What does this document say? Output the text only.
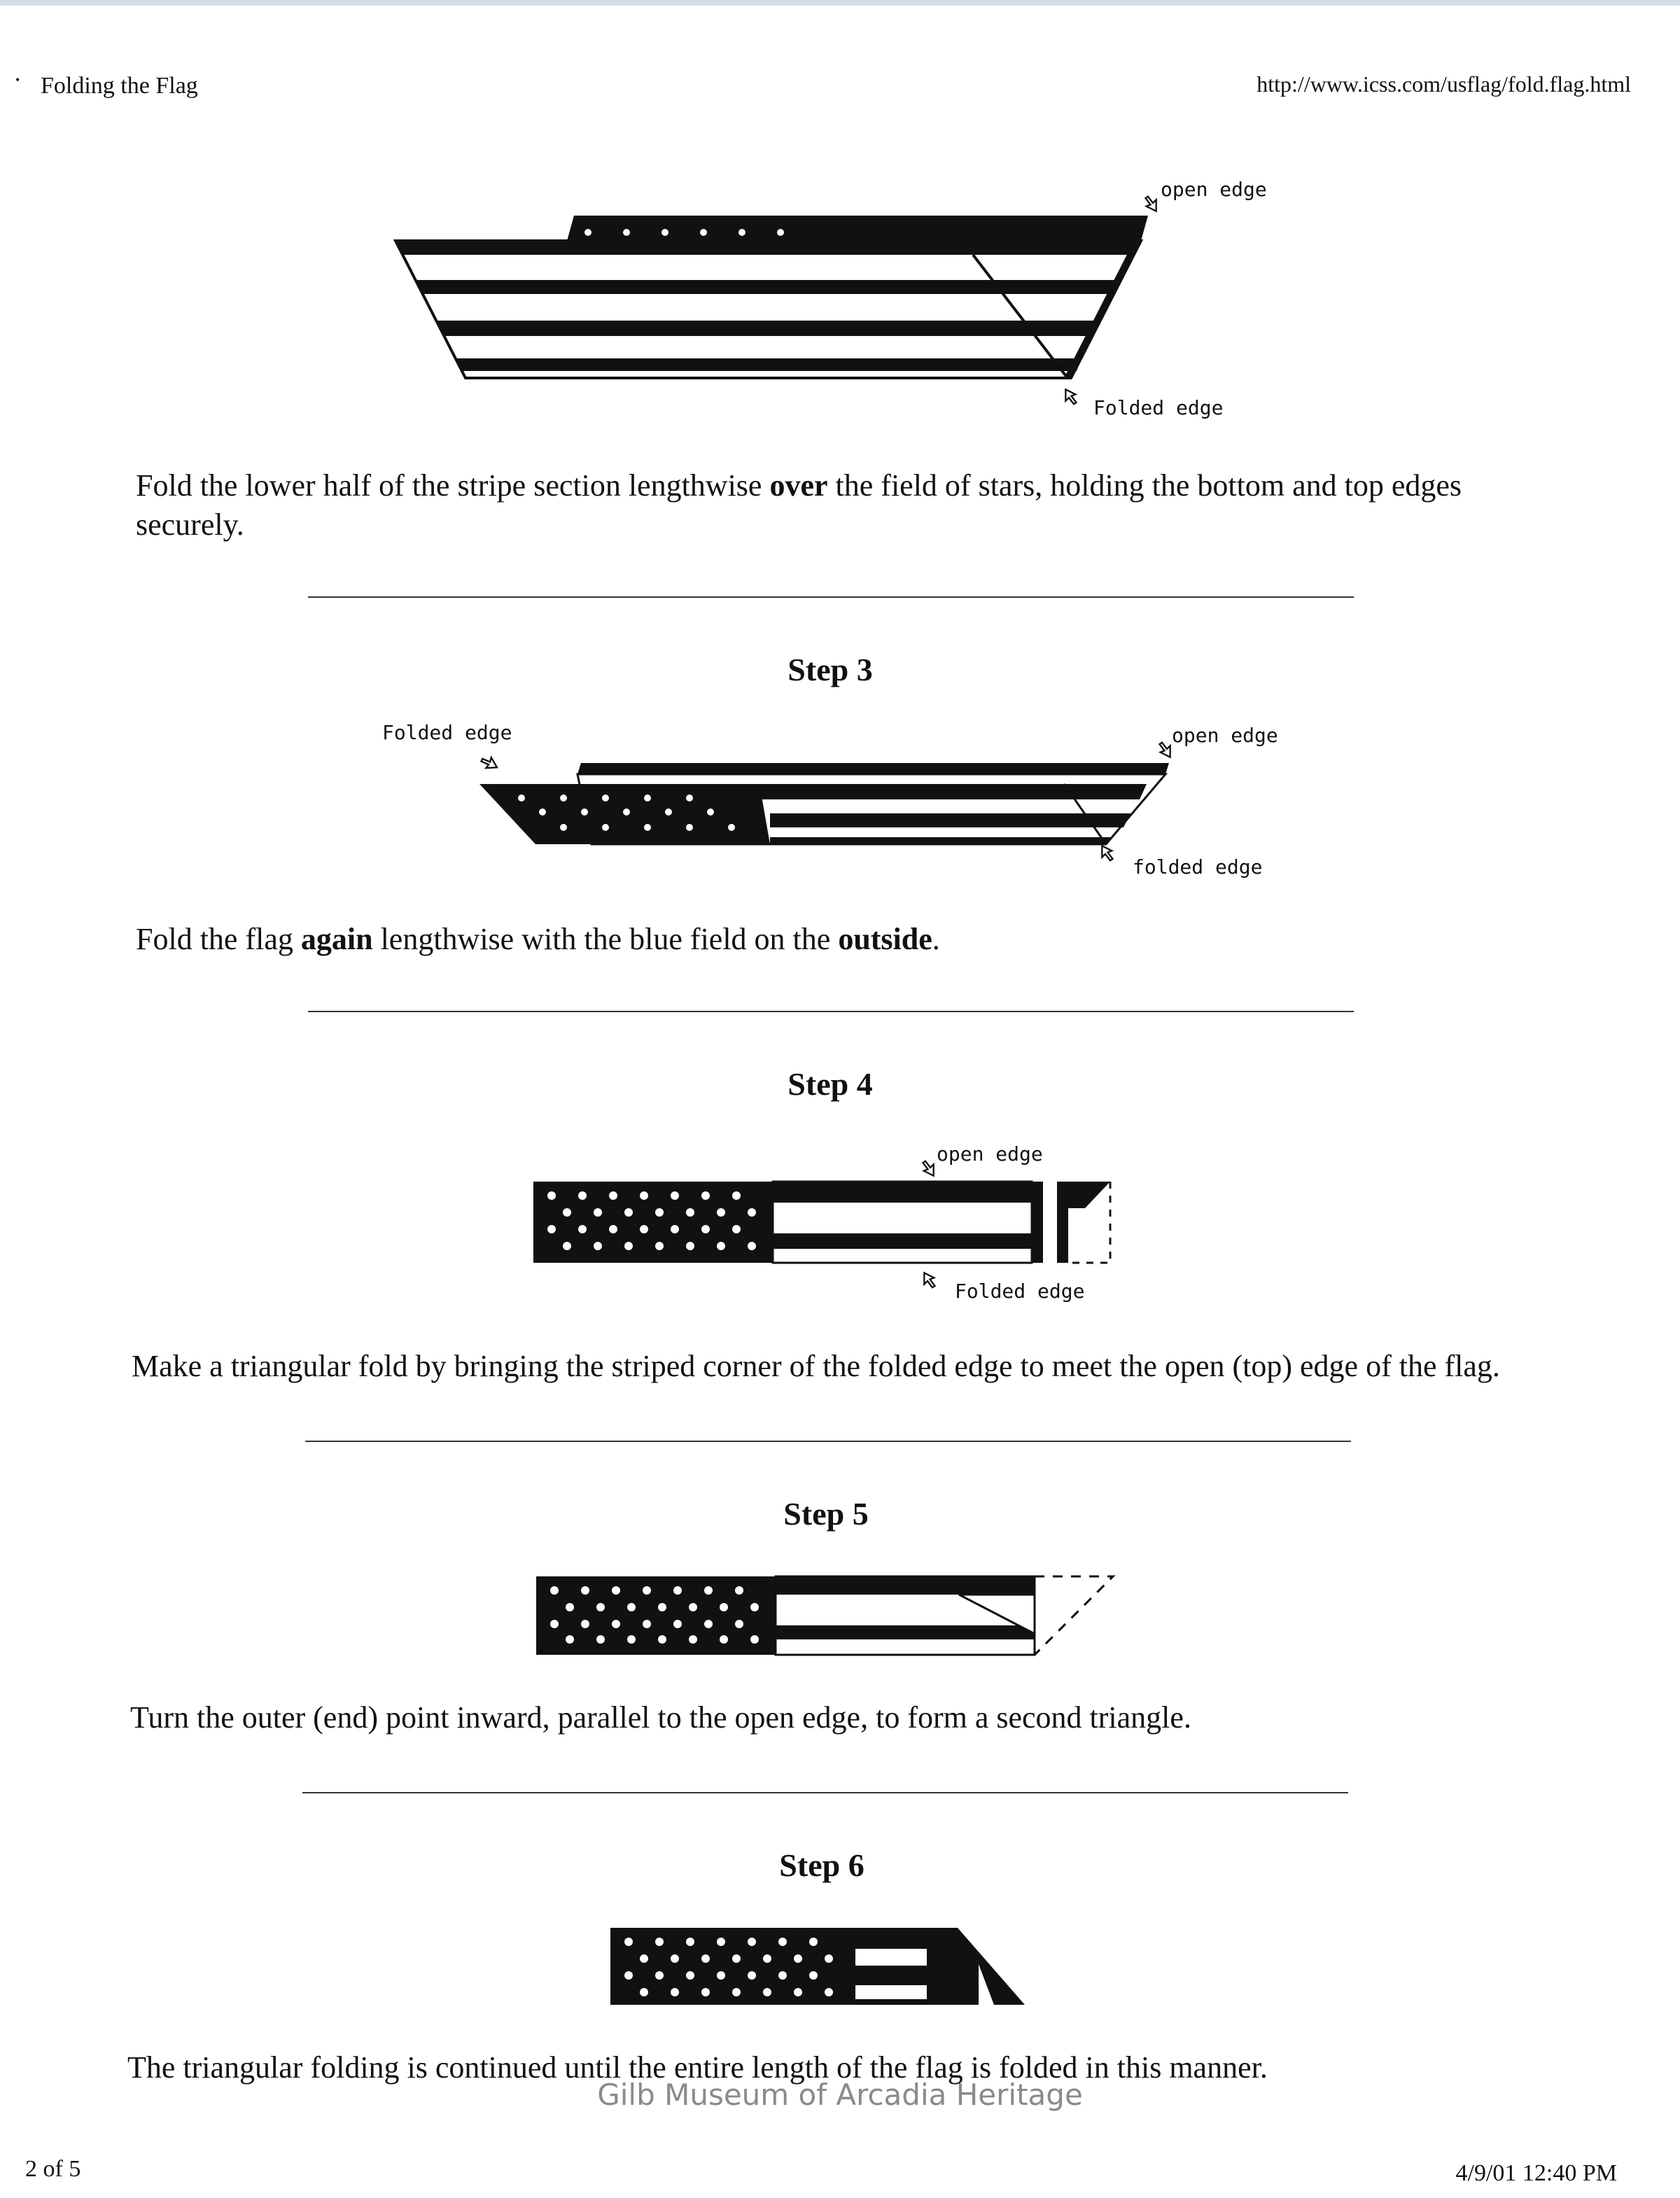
• Folding the Flag	http://www.icss.com/usflag/fold.flag.html
open edge
Folded edge
Fold the lower half of the stripe section lengthwise over the field of stars, holding the bottom and top edges securely.
Step 3
Folded edge	open edge
folded edge
Fold the flag again lengthwise with the blue field on the outside.
Step 4
open edge
Folded edge
Make a triangular fold by bringing the striped corner of the folded edge to meet the open (top) edge of the flag.
Step 5
Turn the outer (end) point inward, parallel to the open edge, to form a second triangle.
Step 6
The triangular folding is continued until the entire length of the flag is folded in this manner.
Gilb Museum of Arcadia Heritage
2 of 5	4/9/01 12:40 PM
